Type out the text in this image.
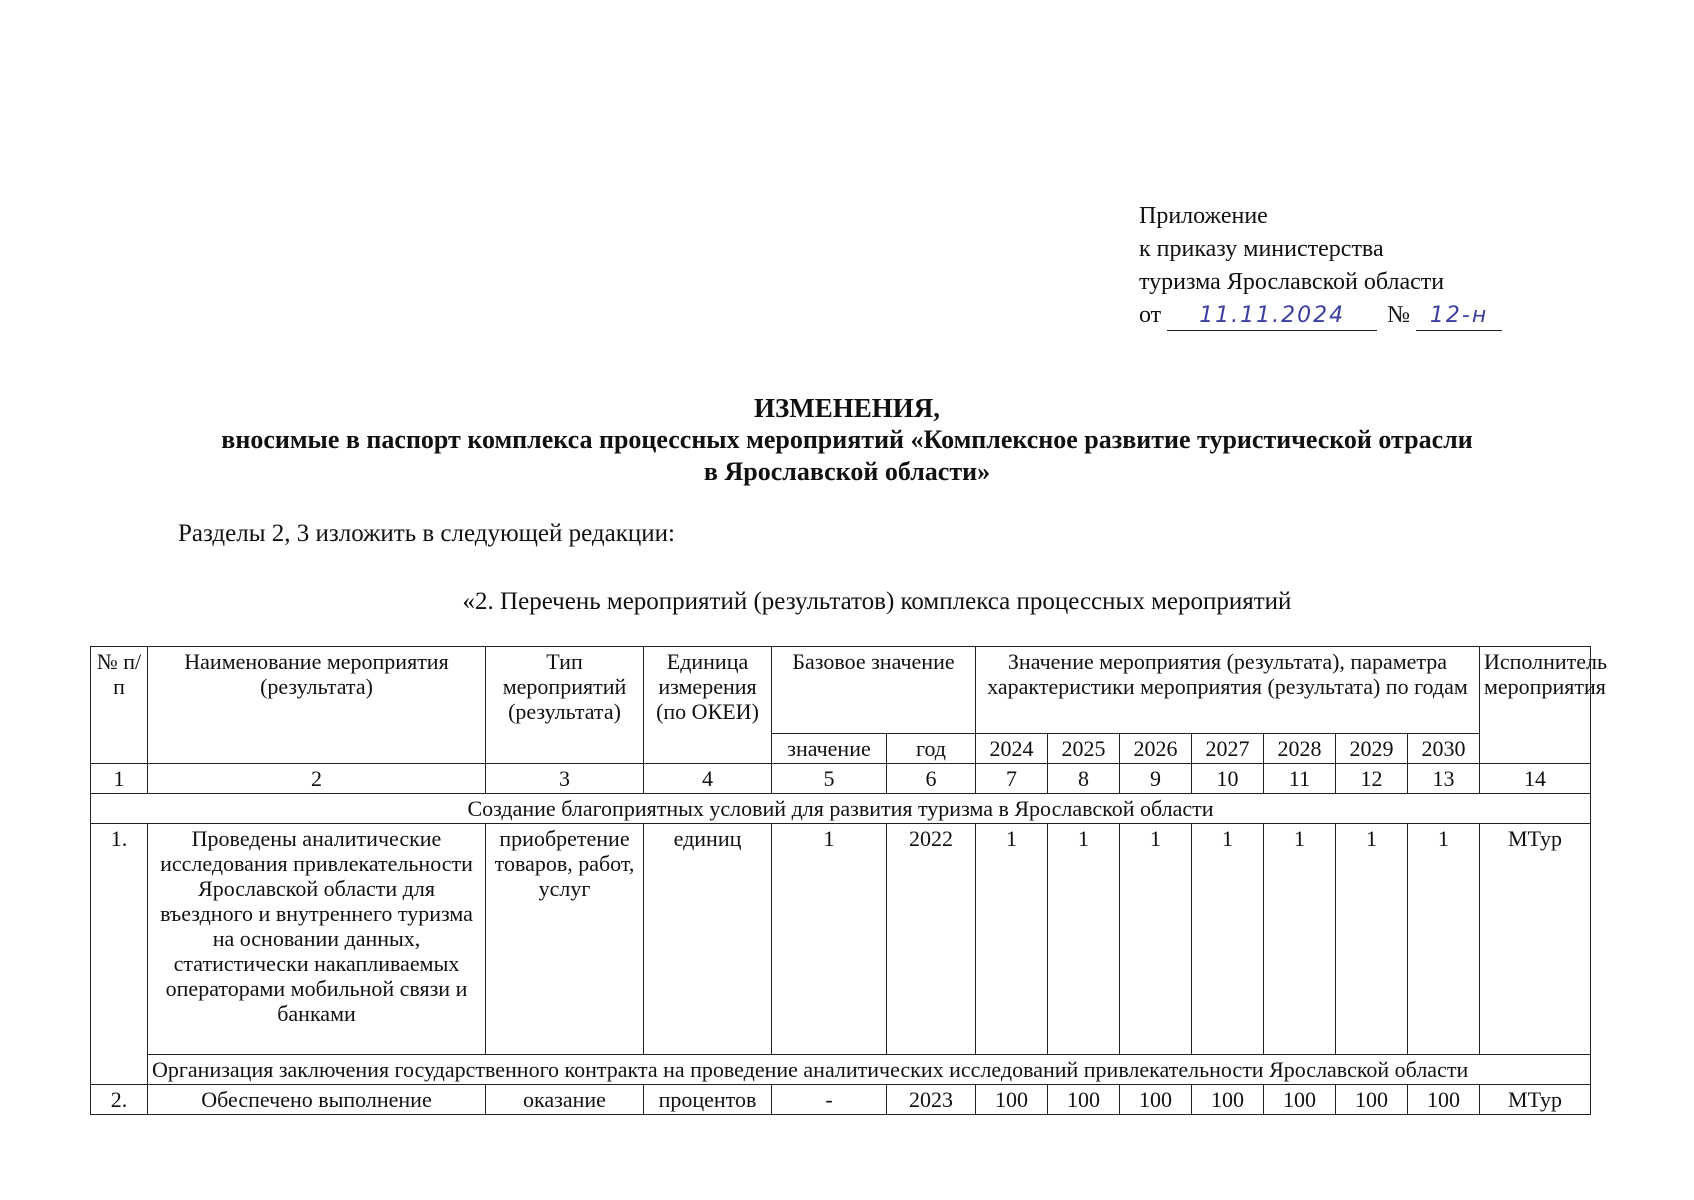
Приложение
к приказу министерства
туризма Ярославской области
от 11.11.2024 № 12-н
ИЗМЕНЕНИЯ,
вносимые в паспорт комплекса процессных мероприятий «Комплексное развитие туристической отрасли
в Ярославской области»
Разделы 2, 3 изложить в следующей редакции:
«2. Перечень мероприятий (результатов) комплекса процессных мероприятий
№ п/п	Наименование мероприятия (результата)	Тип мероприятий (результата)	Единица измерения (по ОКЕИ)	Базовое значение		Значение мероприятия (результата), параметра характеристики мероприятия (результата) по годам							Исполнитель мероприятия
				значение	год	2024	2025	2026	2027	2028	2029	2030	
1	2	3	4	5	6	7	8	9	10	11	12	13	14
Создание благоприятных условий для развития туризма в Ярославской области													
1.	Проведены аналитические исследования привлекательности Ярославской области для въездного и внутреннего туризма на основании данных, статистически накапливаемых операторами мобильной связи и банками	приобретение товаров, работ, услуг	единиц	1	2022	1	1	1	1	1	1	1	МТур
	Организация заключения государственного контракта на проведение аналитических исследований привлекательности Ярославской области												
2.	Обеспечено выполнение	оказание	процентов	-	2023	100	100	100	100	100	100	100	МТур
